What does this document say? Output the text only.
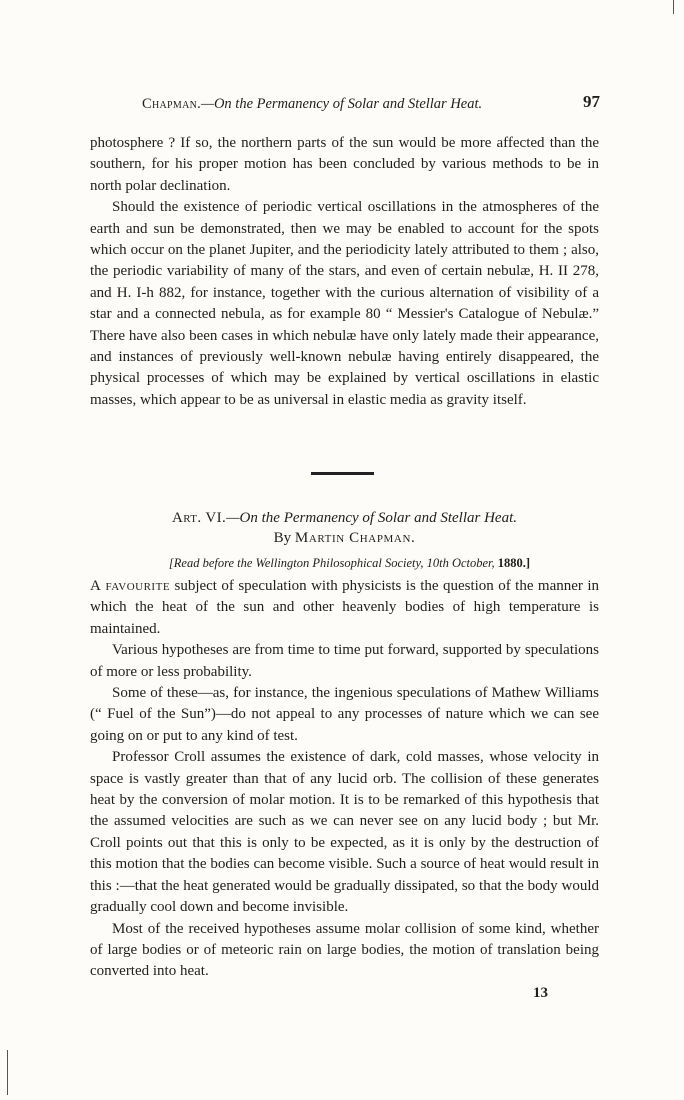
Chapman.—On the Permanency of Solar and Stellar Heat.	97

photosphere ? If so, the northern parts of the sun would be more affected than the southern, for his proper motion has been concluded by various methods to be in north polar declination.

Should the existence of periodic vertical oscillations in the atmospheres of the earth and sun be demonstrated, then we may be enabled to account for the spots which occur on the planet Jupiter, and the periodicity lately attributed to them ; also, the periodic variability of many of the stars, and even of certain nebulæ, H. II 278, and H. I-h 882, for instance, together with the curious alternation of visibility of a star and a connected nebula, as for example 80 “ Messier's Catalogue of Nebulæ.” There have also been cases in which nebulæ have only lately made their appearance, and instances of previously well-known nebulæ having entirely disappeared, the physical processes of which may be explained by vertical oscillations in elastic masses, which appear to be as universal in elastic media as gravity itself.

Art. VI.—On the Permanency of Solar and Stellar Heat.
By Martin Chapman.
[Read before the Wellington Philosophical Society, 10th October, 1880.]

A favourite subject of speculation with physicists is the question of the manner in which the heat of the sun and other heavenly bodies of high temperature is maintained.

Various hypotheses are from time to time put forward, supported by speculations of more or less probability.

Some of these—as, for instance, the ingenious speculations of Mathew Williams (“ Fuel of the Sun”)—do not appeal to any processes of nature which we can see going on or put to any kind of test.

Professor Croll assumes the existence of dark, cold masses, whose velocity in space is vastly greater than that of any lucid orb. The collision of these generates heat by the conversion of molar motion. It is to be remarked of this hypothesis that the assumed velocities are such as we can never see on any lucid body ; but Mr. Croll points out that this is only to be expected, as it is only by the destruction of this motion that the bodies can become visible. Such a source of heat would result in this :—that the heat generated would be gradually dissipated, so that the body would gradually cool down and become invisible.

Most of the received hypotheses assume molar collision of some kind, whether of large bodies or of meteoric rain on large bodies, the motion of translation being converted into heat.

13
